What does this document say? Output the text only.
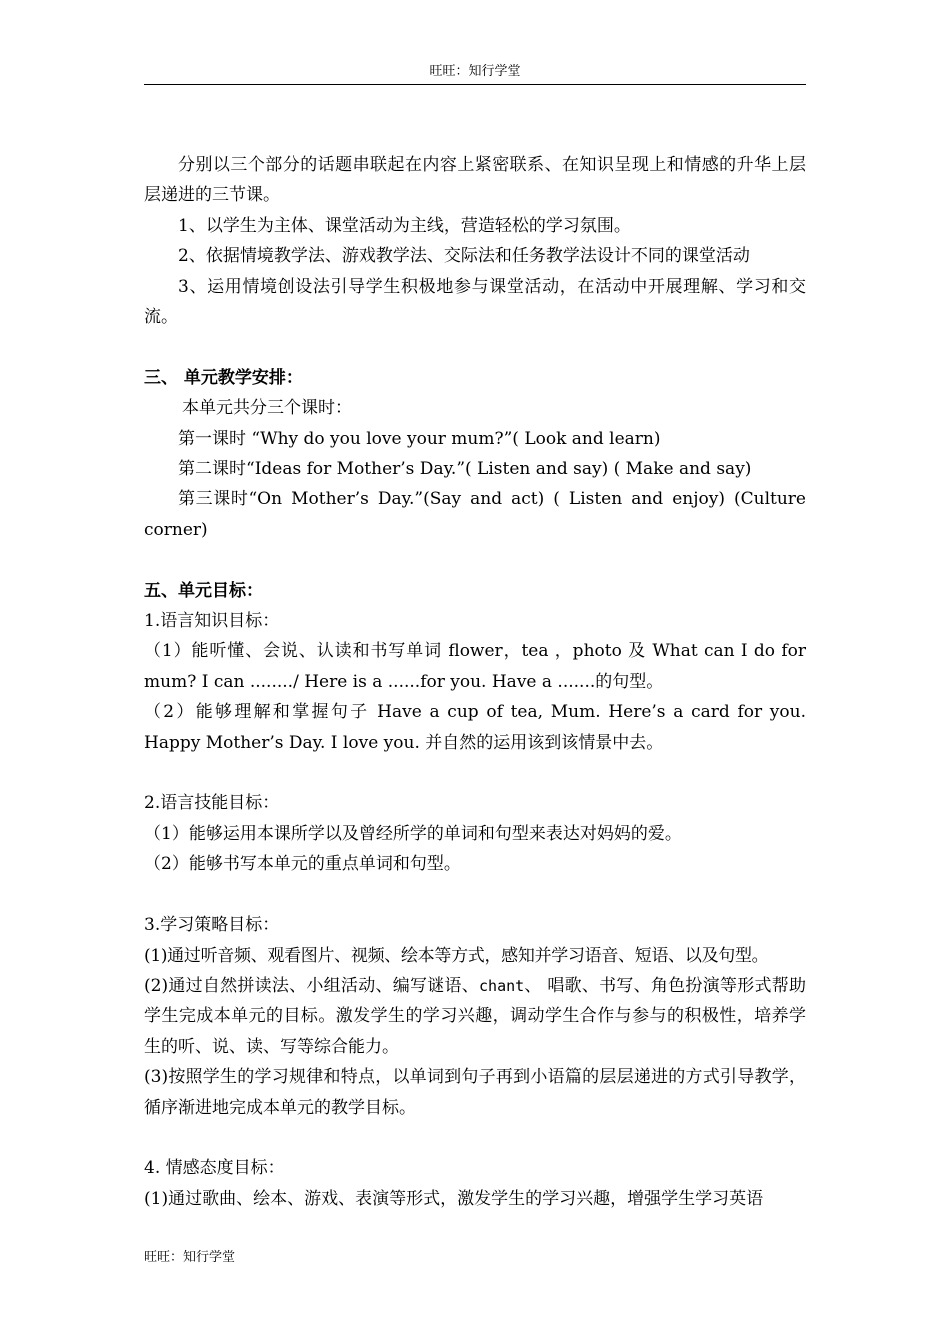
旺旺：知行学堂

分别以三个部分的话题串联起在内容上紧密联系、在知识呈现上和情感的升华上层层递进的三节课。

1、以学生为主体、课堂活动为主线，营造轻松的学习氛围。

2、依据情境教学法、游戏教学法、交际法和任务教学法设计不同的课堂活动

3、运用情境创设法引导学生积极地参与课堂活动，在活动中开展理解、学习和交流。

三、 单元教学安排：

本单元共分三个课时：

第一课时 “Why do you love your mum?”( Look and learn)

第二课时“Ideas for Mother’s Day.”( Listen and say) ( Make and say)

第三课时“On Mother’s Day.”(Say and act) ( Listen and enjoy) (Culture corner)

五、单元目标：

1.语言知识目标：

（1）能听懂、会说、认读和书写单词 flower，tea ，photo 及 What can I do for mum? I can ......../ Here is a ......for you. Have a .......的句型。

（2）能够理解和掌握句子 Have a cup of tea, Mum. Here’s a card for you. Happy Mother’s Day. I love you. 并自然的运用该到该情景中去。

2.语言技能目标：

（1）能够运用本课所学以及曾经所学的单词和句型来表达对妈妈的爱。

（2）能够书写本单元的重点单词和句型。

3.学习策略目标：

(1)通过听音频、观看图片、视频、绘本等方式，感知并学习语音、短语、以及句型。

(2)通过自然拼读法、小组活动、编写谜语、chant、 唱歌、书写、角色扮演等形式帮助学生完成本单元的目标。激发学生的学习兴趣，调动学生合作与参与的积极性，培养学生的听、说、读、写等综合能力。

(3)按照学生的学习规律和特点，以单词到句子再到小语篇的层层递进的方式引导教学，循序渐进地完成本单元的教学目标。

4. 情感态度目标：

(1)通过歌曲、绘本、游戏、表演等形式，激发学生的学习兴趣，增强学生学习英语

旺旺：知行学堂
